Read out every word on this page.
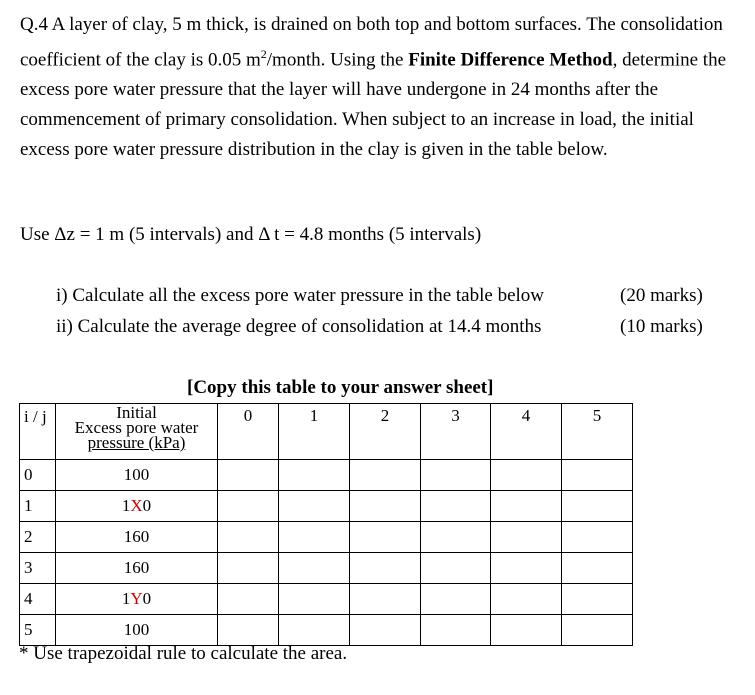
Q.4 A layer of clay, 5 m thick, is drained on both top and bottom surfaces. The consolidation coefficient of the clay is 0.05 $m^2$/month. Using the Finite Difference Method, determine the excess pore water pressure that the layer will have undergone in 24 months after the commencement of primary consolidation. When subject to an increase in load, the initial excess pore water pressure distribution in the clay is given in the table below.
Use Δz = 1 m (5 intervals) and Δ t = 4.8 months (5 intervals)
i) Calculate all the excess pore water pressure in the table below	(20 marks)
ii) Calculate the average degree of consolidation at 14.4 months	(10 marks)
[Copy this table to your answer sheet]
i / j	Initial
Excess pore water
pressure (kPa)	0	1	2	3	4	5
0	100						
1	1X0						
2	160						
3	160						
4	1Y0						
5	100						
* Use trapezoidal rule to calculate the area.
